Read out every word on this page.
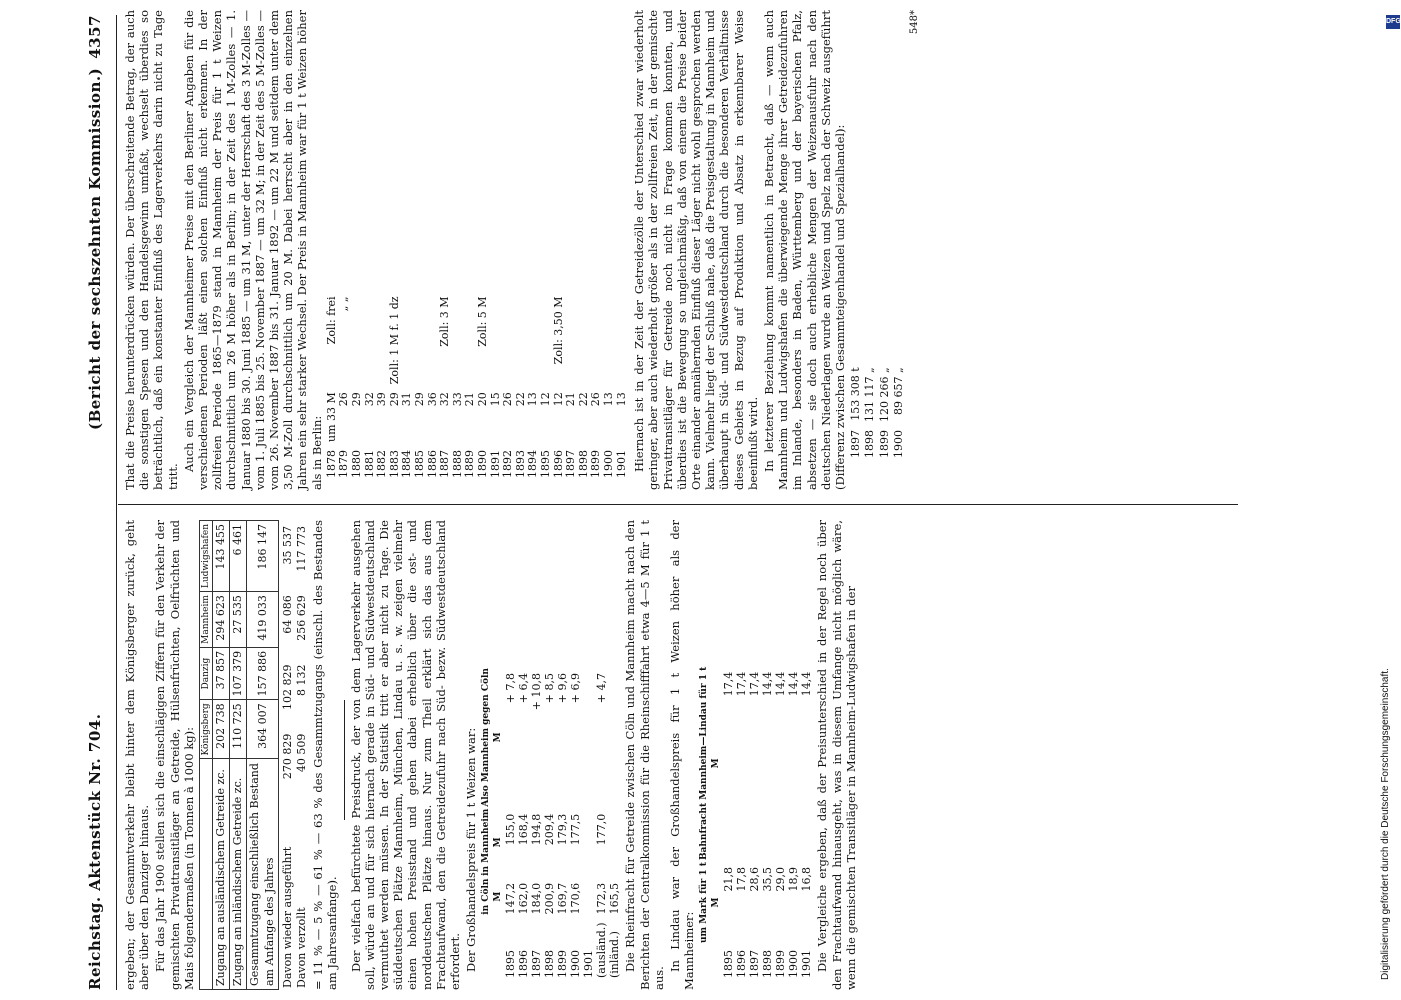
Reichstag. Aktenstück Nr. 704.
(Bericht der sechszehnten Kommission.)
4357

ergeben; der Gesammtverkehr bleibt hinter dem Königsberger zurück, geht aber über den Danziger hinaus. Für das Jahr 1900 stellen sich die einschlägigen Ziffern für den Verkehr der gemischten Privattransitläger an Getreide, Hülsenfrüchten, Oelfrüchten und Mais folgendermaßen (in Tonnen à 1000 kg):

	Königsberg	Danzig	Mannheim	Ludwigshafen
Zugang an ausländischem Getreide zc.	202 738	37 857	294 623	143 455
Zugang an inländischem Getreide zc.	110 725	107 379	27 535	6 461
Gesammtzugang einschließlich Bestand am Anfange des Jahres	364 007	157 886	419 033	186 147
Davon wieder ausgeführt	270 829	102 829	64 086	35 537
Davon verzollt	40 509	8 132	256 629	117 773 = 11 % — 5 % — 61 % — 63 % des Gesammtzugangs (einschl. des Bestandes am Jahresanfange). Der vielfach befürchtete Preisdruck, der von dem Lagerverkehr ausgehen soll, würde an und für sich hiernach gerade in Süd- und Südwestdeutschland vermuthet werden müssen. In der Statistik tritt er aber nicht zu Tage. Die süddeutschen Plätze Mannheim, München, Lindau u. s. w. zeigen vielmehr einen hohen Preisstand und gehen dabei erheblich über die ost- und norddeutschen Plätze hinaus. Nur zum Theil erklärt sich das aus dem Frachtaufwand, den die Getreidezufuhr nach Süd- bezw. Südwestdeutschland erfordert. Der Großhandelspreis für 1 t Weizen war:

	in Cöln	in Mannheim	Also Mannheim gegen Cöln
	M	M	M
1895	147,2	155,0	+ 7,8
1896	162,0	168,4	+ 6,4
1897	184,0	194,8	+ 10,8
1898	200,9	209,4	+ 8,5
1899	169,7	179,3	+ 9,6
1900	170,6	177,5	+ 6,9
1901			
(ausländ.)	172,3	177,0	+ 4,7
(inländ.)	165,5		Die Rheinfracht für Getreide zwischen Cöln und Mannheim macht nach den Berichten der Centralkommission für die Rheinschifffahrt etwa 4—5 M für 1 t aus.

In Lindau war der Großhandelspreis für 1 t Weizen höher als der Mannheimer:

	um Mark für 1 t	Bahnfracht Mannheim—Lindau für 1 t
	M	M
1895	21,8	17,4
1896	17,8	17,4
1897	28,6	17,4
1898	35,5	14,4
1899	29,0	14,4
1900	18,9	14,4
1901	16,8	14,4 Die Vergleiche ergeben, daß der Preisunterschied in der Regel noch über den Frachtaufwand hinausgeht, was in diesem Umfange nicht möglich wäre, wenn die gemischten Transitläger in Mannheim-Ludwigshafen in der

That die Preise herunterdrücken würden. Der überschreitende Betrag, der auch die sonstigen Spesen und den Handelsgewinn umfaßt, wechselt überdies so beträchtlich, daß ein konstanter Einfluß des Lagerverkehrs darin nicht zu Tage tritt.

Auch ein Vergleich der Mannheimer Preise mit den Berliner Angaben für die verschiedenen Perioden läßt einen solchen Einfluß nicht erkennen. In der zollfreien Periode 1865—1879 stand in Mannheim der Preis für 1 t Weizen durchschnittlich um 26 M höher als in Berlin; in der Zeit des 1 M-Zolles — 1. Januar 1880 bis 30. Juni 1885 — um 31 M, unter der Herrschaft des 3 M-Zolles — vom 1. Juli 1885 bis 25. November 1887 — um 32 M; in der Zeit des 5 M-Zolles — vom 26. November 1887 bis 31. Januar 1892 — um 22 M und seitdem unter dem 3,50 M-Zoll durchschnittlich um 20 M. Dabei herrscht aber in den einzelnen Jahren ein sehr starker Wechsel. Der Preis in Mannheim war für 1 t Weizen höher als in Berlin: 1878	um 33 M	Zoll: frei
1879	26	„ „
1880	29	
1881	32	
1882	39	
1883	29	Zoll: 1 M f. 1 dz
1884	31	
1885	29	
1886	36	
1887	32	Zoll: 3 M
1888	33	
1889	21	
1890	20	Zoll: 5 M
1891	15	
1892	26	
1893	22	
1894	13	
1895	12	
1896	12	Zoll: 3,50 M
1897	21	
1898	22	
1899	26	
1900	13	
1901	13	Hiernach ist in der Zeit der Getreidezölle der Unterschied zwar wiederholt geringer, aber auch wiederholt größer als in der zollfreien Zeit, in der gemischte Privattransitläger für Getreide noch nicht in Frage kommen konnten, und überdies ist die Bewegung so ungleichmäßig, daß von einem die Preise beider Orte einander annähernden Einfluß dieser Läger nicht wohl gesprochen werden kann. Vielmehr liegt der Schluß nahe, daß die Preisgestaltung in Mannheim und überhaupt in Süd- und Südwestdeutschland durch die besonderen Verhältnisse dieses Gebiets in Bezug auf Produktion und Absatz in erkennbarer Weise beeinflußt wird. In letzterer Beziehung kommt namentlich in Betracht, daß — wenn auch Mannheim und Ludwigshafen die überwiegende Menge ihrer Getreidezufuhren im Inlande, besonders in Baden, Württemberg und der bayerischen Pfalz, absetzen — sie doch auch erhebliche Mengen der Weizenausfuhr nach den deutschen Niederlagen wurde an Weizen und Spelz nach der Schweiz ausgeführt (Differenz zwischen Gesammteigenhandel und Spezialhandel): 1897	153 308 t
1898	131 117 „
1899	120 266 „
1900	89 657 „
548*	DFG
Digitalisierung gefördert durch die Deutsche Forschungsgemeinschaft.
